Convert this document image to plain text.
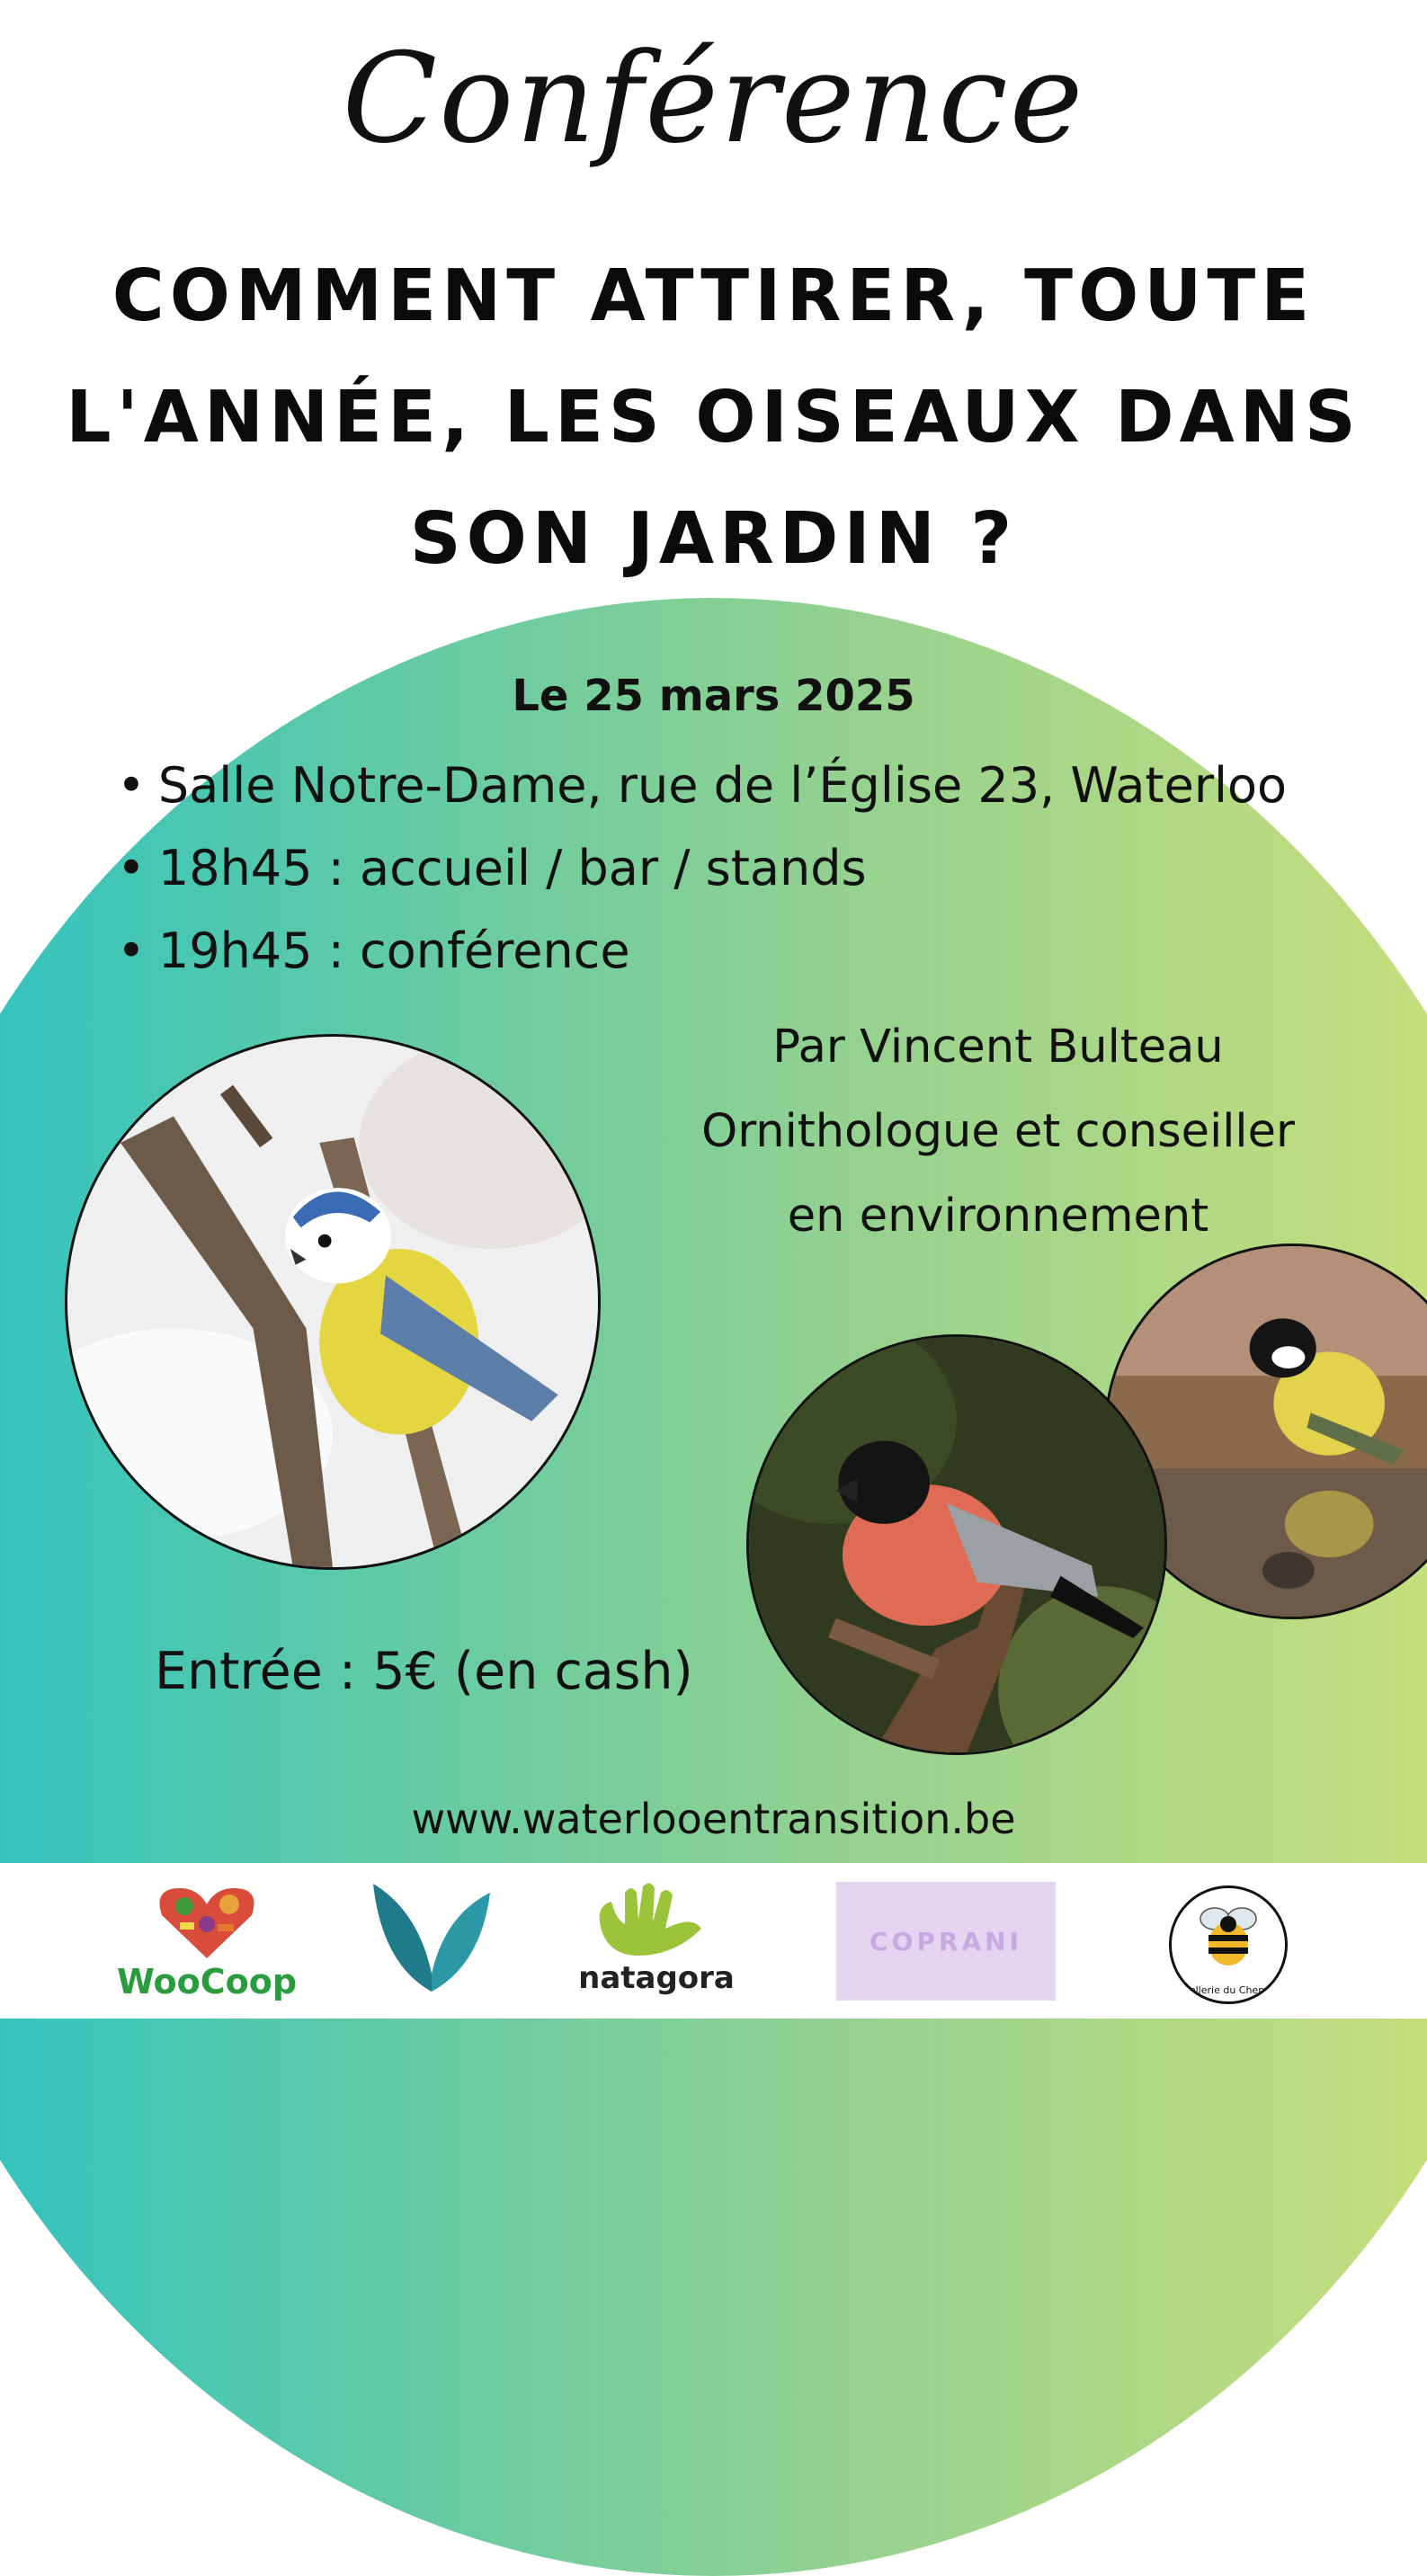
Conférence
COMMENT ATTIRER, TOUTE
L'ANNÉE, LES OISEAUX DANS
SON JARDIN ?
Le 25 mars 2025
• Salle Notre-Dame, rue de l’Église 23, Waterloo
• 18h45 : accueil / bar / stands
• 19h45 : conférence
Par Vincent Bulteau
Ornithologue et conseiller
en environnement
Entrée : 5€ (en cash)
www.waterlooentransition.be
WooCoop	natagora
COPRANI
Miellerie du Chenois
